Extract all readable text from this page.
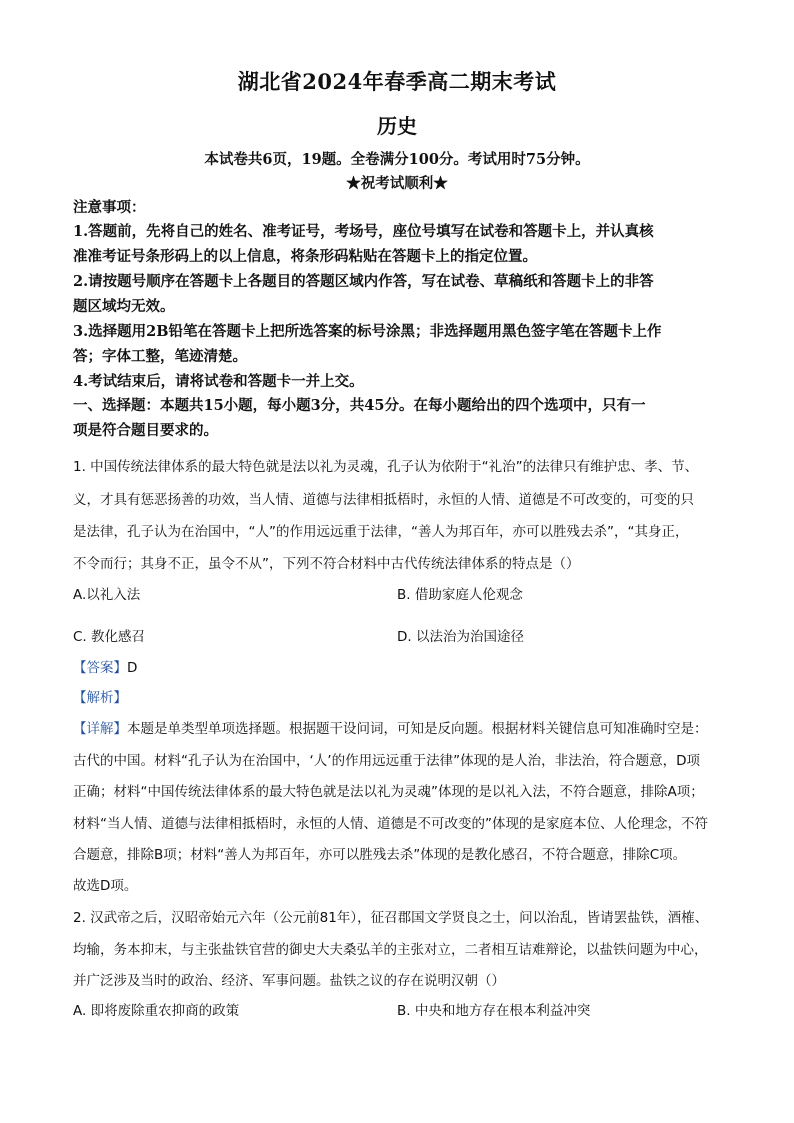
湖北省2024年春季高二期末考试
历史
本试卷共6页，19题。全卷满分100分。考试用时75分钟。
★祝考试顺利★
注意事项：
1.答题前，先将自己的姓名、准考证号，考场号，座位号填写在试卷和答题卡上，并认真核
准准考证号条形码上的以上信息，将条形码粘贴在答题卡上的指定位置。
2.请按题号顺序在答题卡上各题目的答题区域内作答，写在试卷、草稿纸和答题卡上的非答
题区域均无效。
3.选择题用2B铅笔在答题卡上把所选答案的标号涂黑；非选择题用黑色签字笔在答题卡上作
答；字体工整，笔迹清楚。
4.考试结束后，请将试卷和答题卡一并上交。
一、选择题：本题共15小题，每小题3分，共45分。在每小题给出的四个选项中，只有一
项是符合题目要求的。
1. 中国传统法律体系的最大特色就是法以礼为灵魂，孔子认为依附于“礼治”的法律只有维护忠、孝、节、
义，才具有惩恶扬善的功效，当人情、道德与法律相抵梧时，永恒的人情、道德是不可改变的，可变的只
是法律，孔子认为在治国中，“人”的作用远远重于法律，“善人为邦百年，亦可以胜残去杀”，“其身正，
不令而行；其身不正，虽令不从”，下列不符合材料中古代传统法律体系的特点是（）
A.以礼入法	B. 借助家庭人伦观念
C. 教化感召	D. 以法治为治国途径
【答案】D
【解析】
【详解】本题是单类型单项选择题。根据题干设问词，可知是反向题。根据材料关键信息可知准确时空是：
古代的中国。材料“孔子认为在治国中，‘人’的作用远远重于法律”体现的是人治，非法治，符合题意，D项
正确；材料“中国传统法律体系的最大特色就是法以礼为灵魂”体现的是以礼入法，不符合题意，排除A项；
材料“当人情、道德与法律相抵梧时，永恒的人情、道德是不可改变的”体现的是家庭本位、人伦理念，不符
合题意，排除B项；材料“善人为邦百年，亦可以胜残去杀”体现的是教化感召，不符合题意，排除C项。
故选D项。
2. 汉武帝之后，汉昭帝始元六年（公元前81年），征召郡国文学贤良之士，问以治乱，皆请罢盐铁，酒榷、
均输，务本抑末，与主张盐铁官营的御史大夫桑弘羊的主张对立，二者相互诘难辩论，以盐铁问题为中心，
并广泛涉及当时的政治、经济、军事问题。盐铁之议的存在说明汉朝（）
A. 即将废除重农抑商的政策	B. 中央和地方存在根本利益冲突
